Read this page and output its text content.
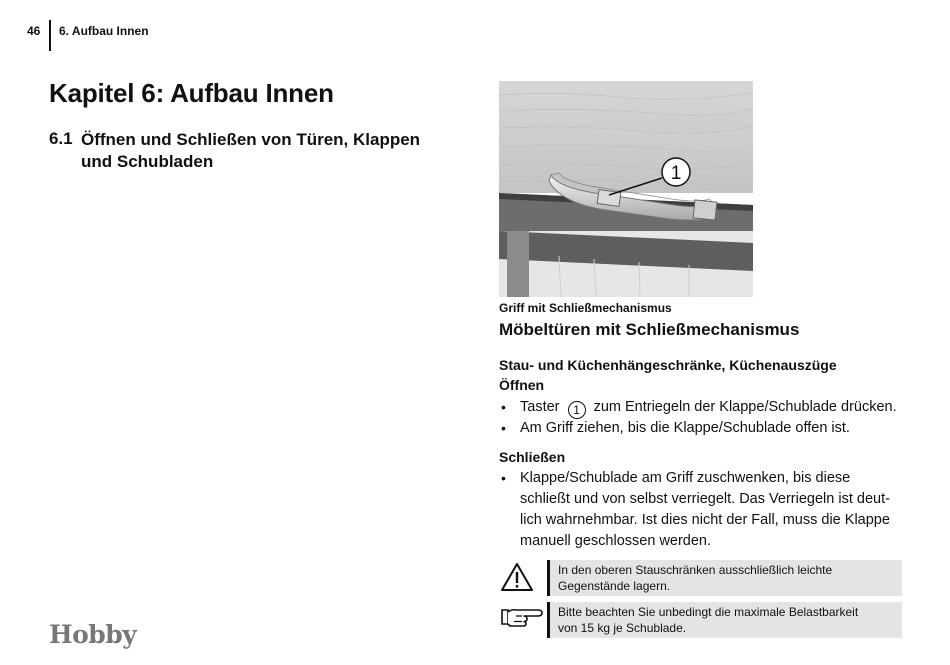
46 6. Aufbau Innen
Kapitel 6: Aufbau Innen
6.1 Öffnen und Schließen von Türen, Klappen und Schubladen
1
Griff mit Schließmechanismus
Möbeltüren mit Schließmechanismus
Stau- und Küchenhängeschränke, Küchenauszüge
Öffnen
• Taster 1 zum Entriegeln der Klappe/Schublade drücken.
• Am Griff ziehen, bis die Klappe/Schublade offen ist.
Schließen
• Klappe/Schublade am Griff zuschwenken, bis diese
schließt und von selbst verriegelt. Das Verriegeln ist deut-
lich wahrnehmbar. Ist dies nicht der Fall, muss die Klappe
manuell geschlossen werden.
In den oberen Stauschränken ausschließlich leichte
Gegenstände lagern.
Bitte beachten Sie unbedingt die maximale Belastbarkeit
von 15 kg je Schublade.
Hobby
